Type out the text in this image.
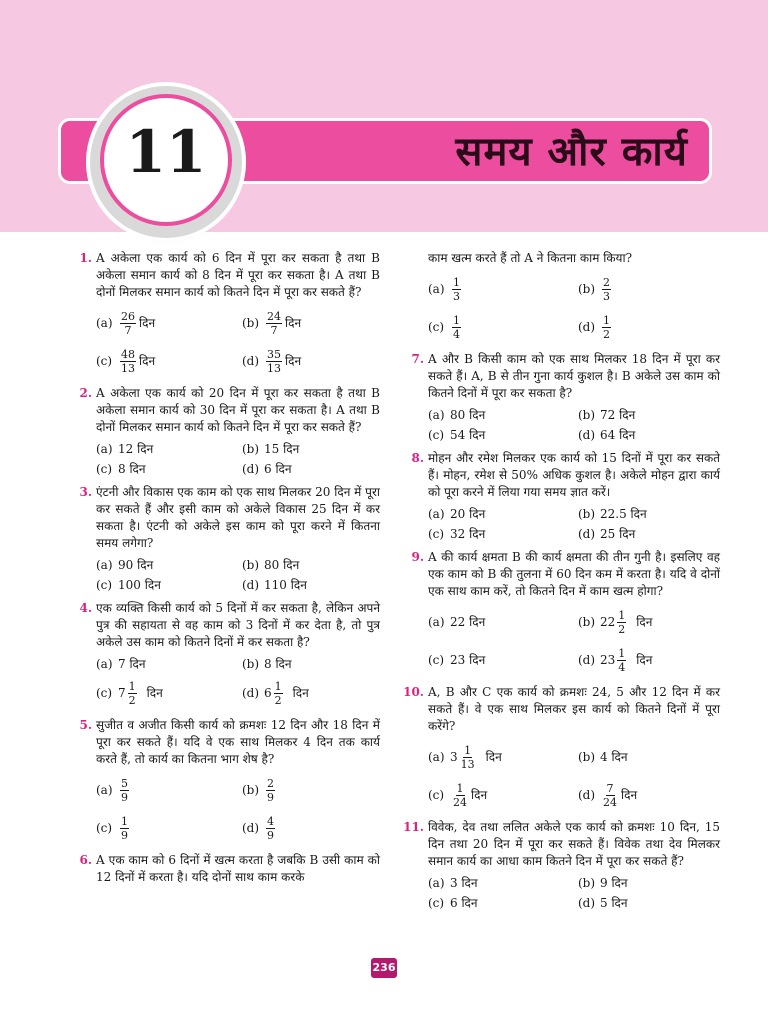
समय और कार्य
11
1. A अकेला एक कार्य को 6 दिन में पूरा कर सकता है तथा B अकेला समान कार्य को 8 दिन में पूरा कर सकता है। A तथा B दोनों मिलकर समान कार्य को कितने दिन में पूरा कर सकते हैं?
$(a) \frac{26}{7}$ दिन	$(b) \frac{24}{7}$ दिन
$(c) \frac{48}{13}$ दिन	$(d) \frac{35}{13}$ दिन
2. A अकेला एक कार्य को 20 दिन में पूरा कर सकता है तथा B अकेला समान कार्य को 30 दिन में पूरा कर सकता है। A तथा B दोनों मिलकर समान कार्य को कितने दिन में पूरा कर सकते हैं?
(a) 12 दिन	(b) 15 दिन
(c) 8 दिन	(d) 6 दिन
3. एंटनी और विकास एक काम को एक साथ मिलकर 20 दिन में पूरा कर सकते हैं और इसी काम को अकेले विकास 25 दिन में कर सकता है। एंटनी को अकेले इस काम को पूरा करने में कितना समय लगेगा?
(a) 90 दिन	(b) 80 दिन
(c) 100 दिन	(d) 110 दिन
4. एक व्यक्ति किसी कार्य को 5 दिनों में कर सकता है, लेकिन अपने पुत्र की सहायता से वह काम को 3 दिनों में कर देता है, तो पुत्र अकेले उस काम को कितने दिनों में कर सकता है?
(a) 7 दिन	(b) 8 दिन
(c) $7 \frac{1}{2}$ दिन	(d) $6 \frac{1}{2}$ दिन
5. सुजीत व अजीत किसी कार्य को क्रमशः 12 दिन और 18 दिन में पूरा कर सकते हैं। यदि वे एक साथ मिलकर 4 दिन तक कार्य करते हैं, तो कार्य का कितना भाग शेष है?
$(a) \frac{5}{9}$	$(b) \frac{2}{9}$
$(c) \frac{1}{9}$	$(d) \frac{4}{9}$
6. A एक काम को 6 दिनों में खत्म करता है जबकि B उसी काम को 12 दिनों में करता है। यदि दोनों साथ काम करके
काम खत्म करते हैं तो A ने कितना काम किया?
$(a) \frac{1}{3}$	$(b) \frac{2}{3}$
$(c) \frac{1}{4}$	$(d) \frac{1}{2}$
7. A और B किसी काम को एक साथ मिलकर 18 दिन में पूरा कर सकते हैं। A, B से तीन गुना कार्य कुशल है। B अकेले उस काम को कितने दिनों में पूरा कर सकता है?
(a) 80 दिन	(b) 72 दिन
(c) 54 दिन	(d) 64 दिन
8. मोहन और रमेश मिलकर एक कार्य को 15 दिनों में पूरा कर सकते हैं। मोहन, रमेश से 50% अधिक कुशल है। अकेले मोहन द्वारा कार्य को पूरा करने में लिया गया समय ज्ञात करें।
(a) 20 दिन	(b) 22.5 दिन
(c) 32 दिन	(d) 25 दिन
9. A की कार्य क्षमता B की कार्य क्षमता की तीन गुनी है। इसलिए वह एक काम को B की तुलना में 60 दिन कम में करता है। यदि वे दोनों एक साथ काम करें, तो कितने दिन में काम खत्म होगा?
(a) 22 दिन	(b) $22 \frac{1}{2}$ दिन
(c) 23 दिन	(d) $23 \frac{1}{4}$ दिन
10. A, B और C एक कार्य को क्रमशः 24, 5 और 12 दिन में कर सकते हैं। वे एक साथ मिलकर इस कार्य को कितने दिनों में पूरा करेंगे?
(a) $3 \frac{1}{13}$ दिन	(b) 4 दिन
$(c) \frac{1}{24}$ दिन	$(d) \frac{7}{24}$ दिन
11. विवेक, देव तथा ललित अकेले एक कार्य को क्रमशः 10 दिन, 15 दिन तथा 20 दिन में पूरा कर सकते हैं। विवेक तथा देव मिलकर समान कार्य का आधा काम कितने दिन में पूरा कर सकते हैं?
(a) 3 दिन	(b) 9 दिन
(c) 6 दिन	(d) 5 दिन
236
